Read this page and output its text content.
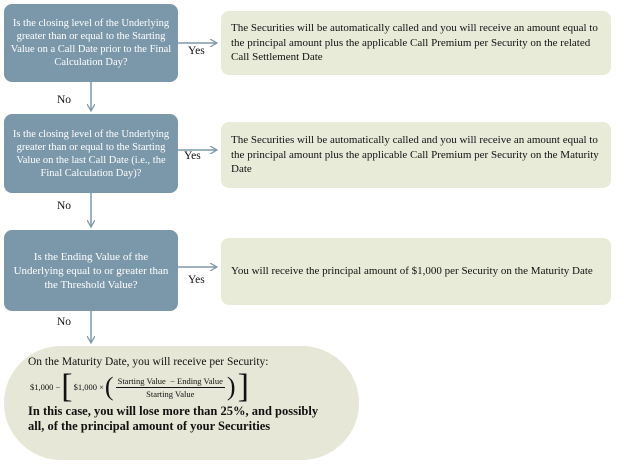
Is the closing level of the Underlying greater than or equal to the Starting Value on a Call Date prior to the Final Calculation Day?
Yes
The Securities will be automatically called and you will receive an amount equal to the principal amount plus the applicable Call Premium per Security on the related Call Settlement Date
No
Is the closing level of the Underlying greater than or equal to the Starting Value on the last Call Date (i.e., the Final Calculation Day)?
Yes
The Securities will be automatically called and you will receive an amount equal to the principal amount plus the applicable Call Premium per Security on the Maturity Date
No
Is the Ending Value of the Underlying equal to or greater than the Threshold Value?	Yes
You will receive the principal amount of $1,000 per Security on the Maturity Date
No
On the Maturity Date, you will receive per Security:
$1,000 − [ $1,000 × ( $\frac{\text{Starting Value  − Ending Value}}{\text{Starting Value}}$ ) ]
In this case, you will lose more than 25%, and possibly all, of the principal amount of your Securities
